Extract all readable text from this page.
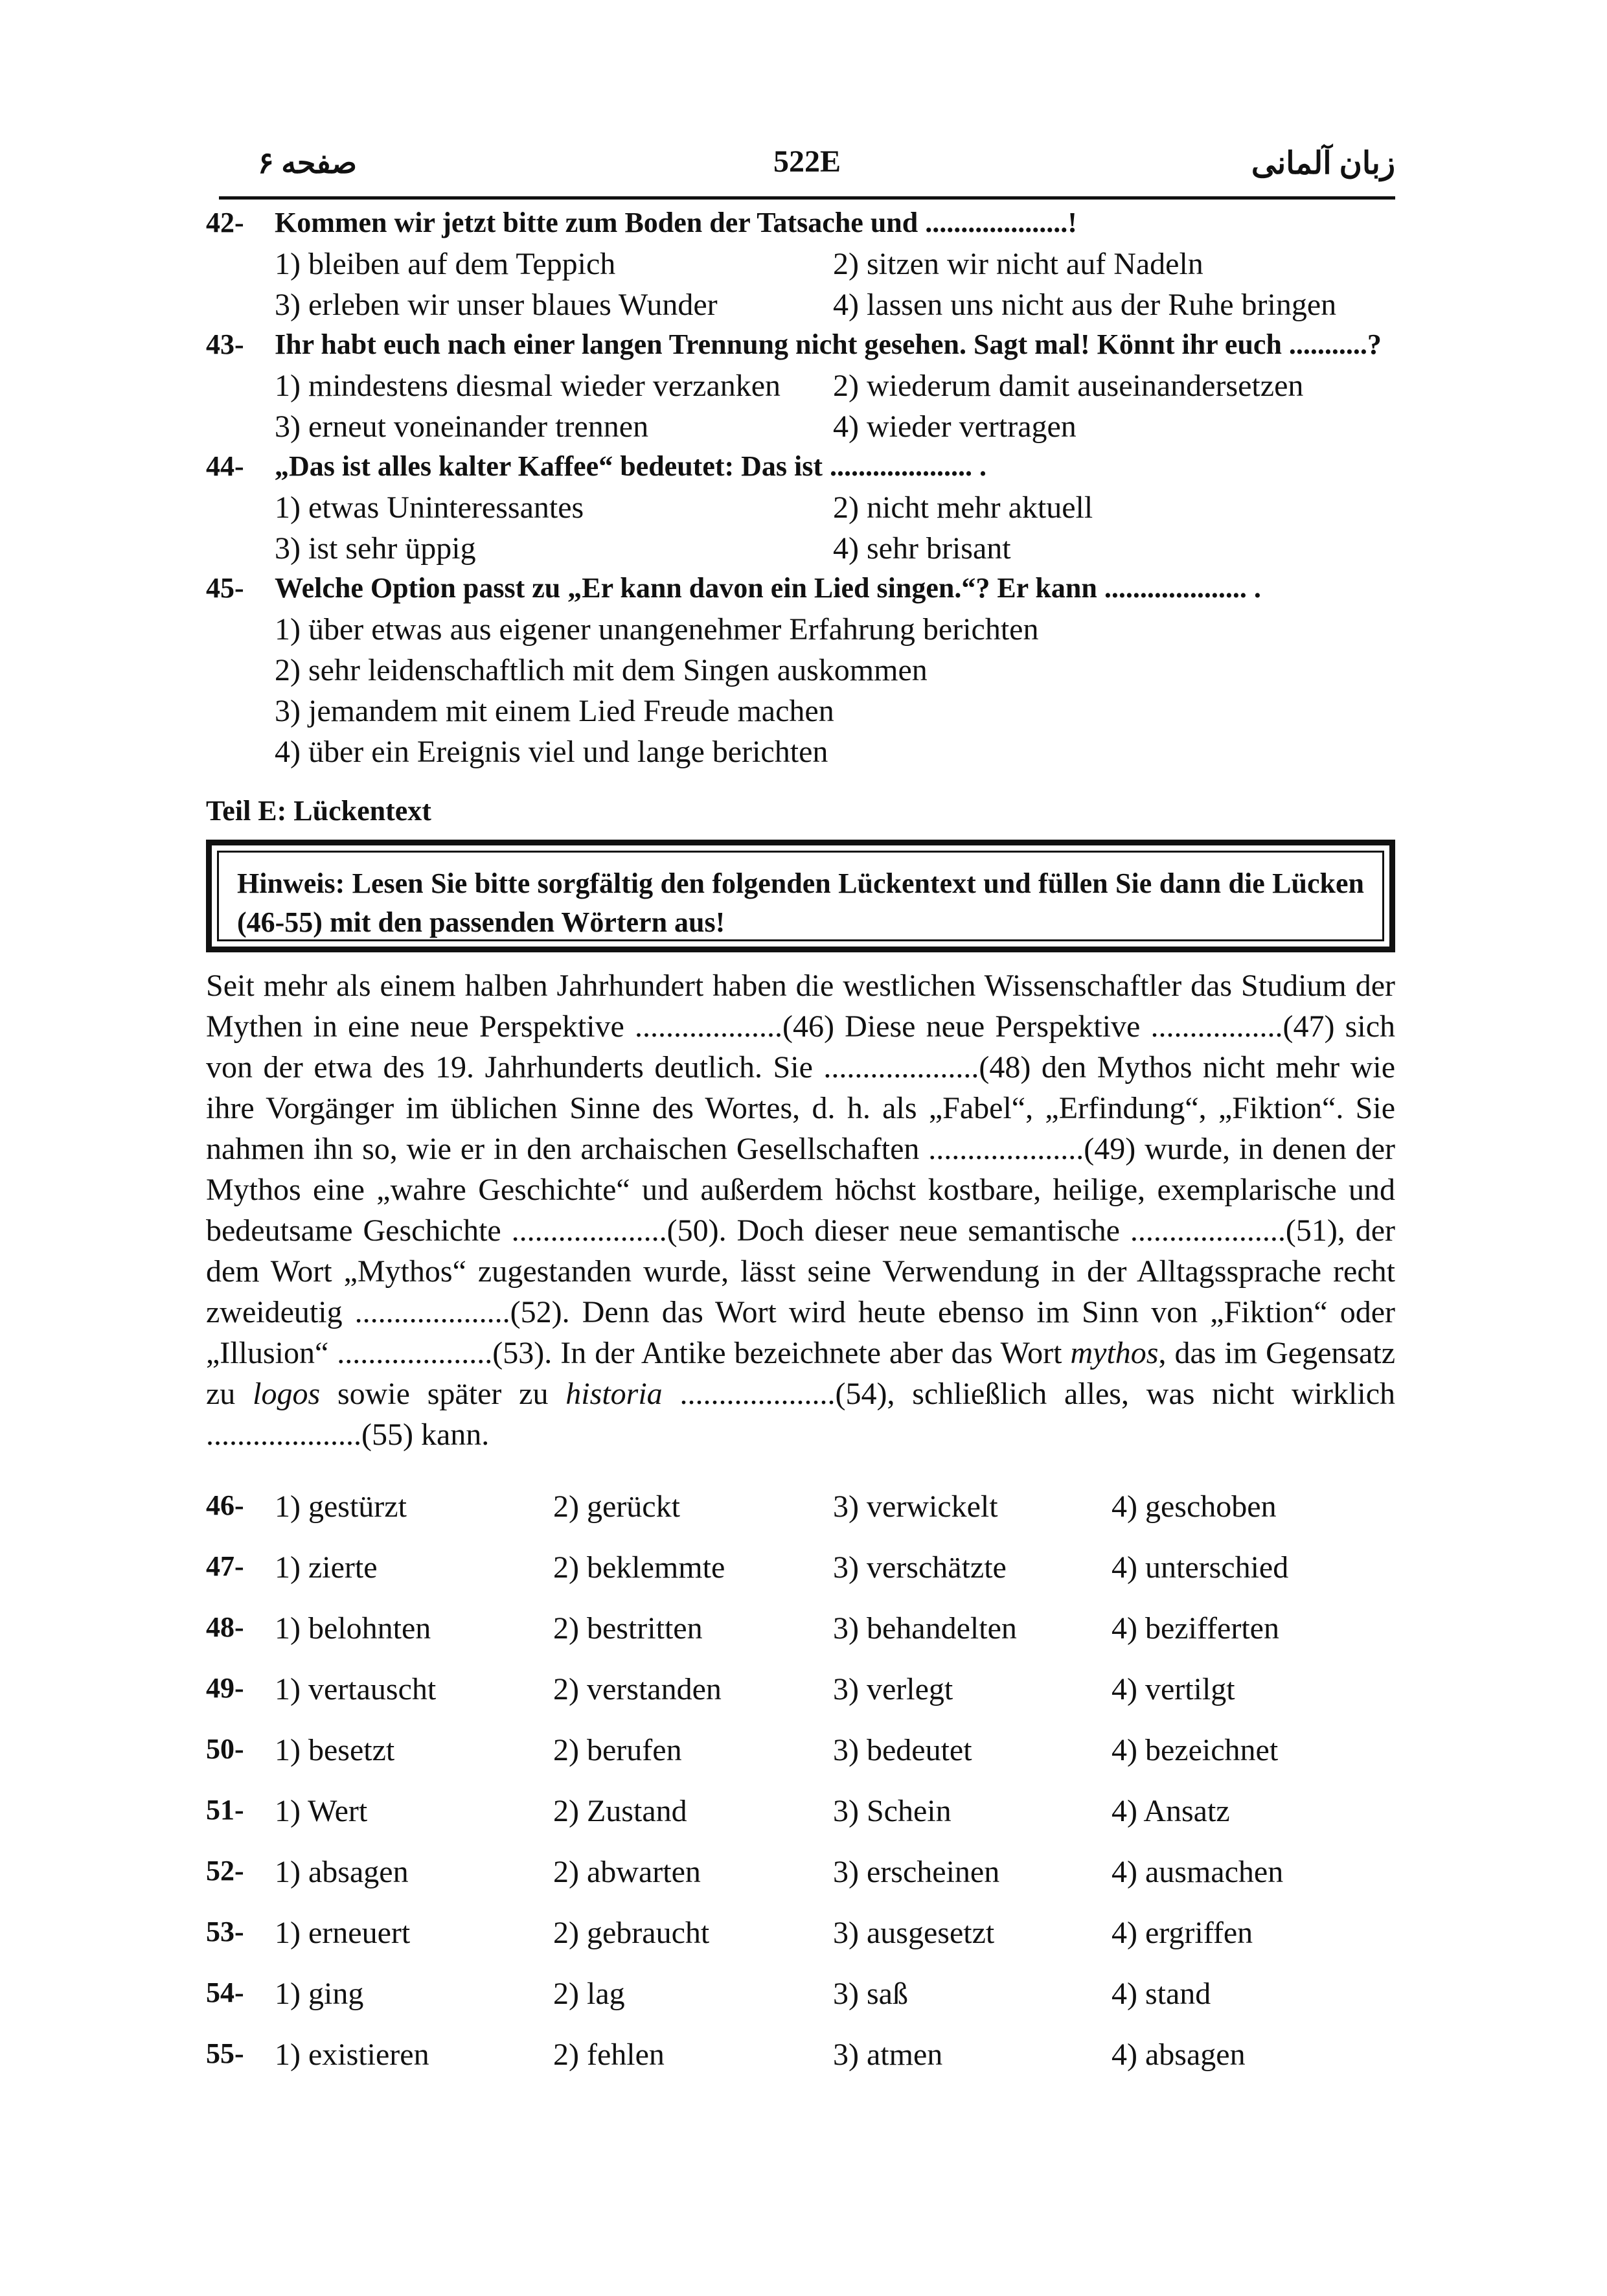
صفحه ۶	522E	زبان آلمانی
42- Kommen wir jetzt bitte zum Boden der Tatsache und ....................!
1) bleiben auf dem Teppich	2) sitzen wir nicht auf Nadeln
3) erleben wir unser blaues Wunder	4) lassen uns nicht aus der Ruhe bringen
43- Ihr habt euch nach einer langen Trennung nicht gesehen. Sagt mal! Könnt ihr euch ...........?
1) mindestens diesmal wieder verzanken 2) wiederum damit auseinandersetzen
3) erneut voneinander trennen	4) wieder vertragen
44- „Das ist alles kalter Kaffee“ bedeutet: Das ist .................... .
1) etwas Uninteressantes	2) nicht mehr aktuell
3) ist sehr üppig	4) sehr brisant
45- Welche Option passt zu „Er kann davon ein Lied singen.“? Er kann .................... .
1) über etwas aus eigener unangenehmer Erfahrung berichten
2) sehr leidenschaftlich mit dem Singen auskommen
3) jemandem mit einem Lied Freude machen
4) über ein Ereignis viel und lange berichten
Teil E: Lückentext
Hinweis: Lesen Sie bitte sorgfältig den folgenden Lückentext und füllen Sie dann die Lücken (46-55) mit den passenden Wörtern aus!
Seit mehr als einem halben Jahrhundert haben die westlichen Wissenschaftler das Studium der Mythen in eine neue Perspektive ...................(46) Diese neue Perspektive .................(47) sich von der etwa des 19. Jahrhunderts deutlich. Sie ....................(48) den Mythos nicht mehr wie ihre Vorgänger im üblichen Sinne des Wortes, d. h. als „Fabel“, „Erfindung“, „Fiktion“. Sie nahmen ihn so, wie er in den archaischen Gesellschaften ....................(49) wurde, in denen der Mythos eine „wahre Geschichte“ und außerdem höchst kostbare, heilige, exemplarische und bedeutsame Geschichte ....................(50). Doch dieser neue semantische ....................(51), der dem Wort „Mythos“ zugestanden wurde, lässt seine Verwendung in der Alltagssprache recht zweideutig ....................(52). Denn das Wort wird heute ebenso im Sinn von „Fiktion“ oder „Illusion“ ....................(53). In der Antike bezeichnete aber das Wort mythos, das im Gegensatz zu logos sowie später zu historia ....................(54), schließlich alles, was nicht wirklich ....................(55) kann.
46- 1) gestürzt	2) gerückt	3) verwickelt	4) geschoben
47- 1) zierte	2) beklemmte	3) verschätzte	4) unterschied
48- 1) belohnten	2) bestritten	3) behandelten	4) bezifferten
49- 1) vertauscht	2) verstanden	3) verlegt	4) vertilgt
50- 1) besetzt	2) berufen	3) bedeutet	4) bezeichnet
51- 1) Wert	2) Zustand	3) Schein	4) Ansatz
52- 1) absagen	2) abwarten	3) erscheinen	4) ausmachen
53- 1) erneuert	2) gebraucht	3) ausgesetzt	4) ergriffen
54- 1) ging	2) lag	3) saß	4) stand
55- 1) existieren	2) fehlen	3) atmen	4) absagen
